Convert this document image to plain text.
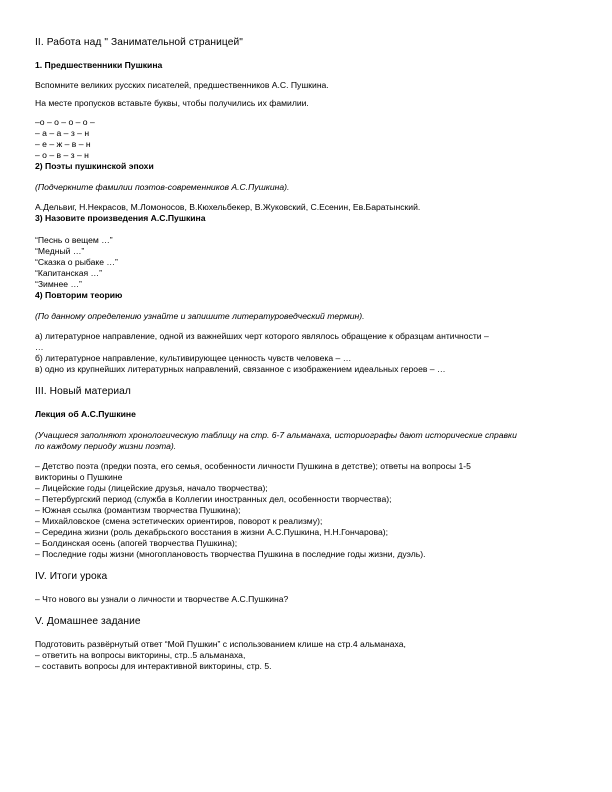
II. Работа над " Занимательной страницей"

1. Предшественники Пушкина

Вспомните великих русских писателей, предшественников А.С. Пушкина.

На месте пропусков вставьте буквы, чтобы получились их фамилии.

–о – о – о – о –

– а – а – з – н

– е – ж – в – н

– о – в – з – н

2) Поэты пушкинской эпохи

(Подчеркните фамилии поэтов-современников А.С.Пушкина).

А.Дельвиг, Н.Некрасов, М.Ломоносов, В.Кюхельбекер, В.Жуковский, С.Есенин, Ев.Баратынский.

3) Назовите произведения А.С.Пушкина

“Песнь о вещем …”

“Медный …”

“Сказка о рыбаке …”

“Капитанская …”

“Зимнее …”

4) Повторим теорию

(По данному определению узнайте и запишите литературоведческий термин).

а) литературное направление, одной из важнейших черт которого являлось обращение к образцам античности –

…

б) литературное направление, культивирующее ценность чувств человека – …

в) одно из крупнейших литературных направлений, связанное с изображением идеальных героев – …

III. Новый материал

Лекция об А.С.Пушкине

(Учащиеся заполняют хронологическую таблицу на стр. 6-7 альманаха, историографы дают исторические справки

по каждому периоду жизни поэта).

– Детство поэта (предки поэта, его семья, особенности личности Пушкина в детстве); ответы на вопросы 1-5

викторины о Пушкине

– Лицейские годы (лицейские друзья, начало творчества);

– Петербургский период (служба в Коллегии иностранных дел, особенности творчества);

– Южная ссылка (романтизм творчества Пушкина);

– Михайловское (смена эстетических ориентиров, поворот к реализму);

– Середина жизни (роль декабрьского восстания в жизни А.С.Пушкина, Н.Н.Гончарова);

– Болдинская осень (апогей творчества Пушкина);

– Последние годы жизни (многоплановость творчества Пушкина в последние годы жизни, дуэль).

IV. Итоги урока

– Что нового вы узнали о личности и творчестве А.С.Пушкина?

V. Домашнее задание

Подготовить развёрнутый ответ “Мой Пушкин” с использованием клише на стр.4 альманаха,

– ответить на вопросы викторины, стр..5 альманаха,

– составить вопросы для интерактивной викторины, стр. 5.
